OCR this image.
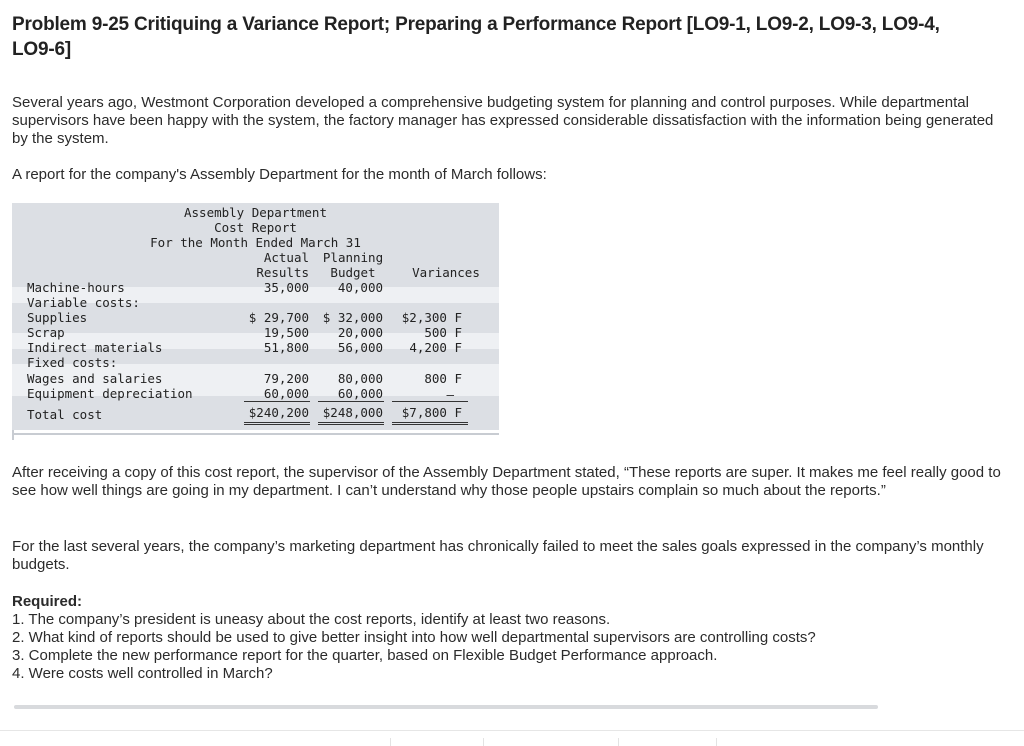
Problem 9-25 Critiquing a Variance Report; Preparing a Performance Report [LO9-1, LO9-2, LO9-3, LO9-4, LO9-6]
Several years ago, Westmont Corporation developed a comprehensive budgeting system for planning and control purposes. While departmental supervisors have been happy with the system, the factory manager has expressed considerable dissatisfaction with the information being generated by the system.
A report for the company's Assembly Department for the month of March follows:
Assembly Department
Cost Report
For the Month Ended March 31
Actual
Results
Planning
Budget	Variances
Machine-hours	35,000	40,000
Variable costs:
Supplies	$ 29,700	$ 32,000	$2,300 F
Scrap	19,500	20,000	500 F
Indirect materials	51,800	56,000	4,200 F
Fixed costs:
Wages and salaries	79,200	80,000	800 F
Equipment depreciation	60,000	60,000	–
Total cost	$240,200	$248,000	$7,800 F
After receiving a copy of this cost report, the supervisor of the Assembly Department stated, “These reports are super. It makes me feel really good to see how well things are going in my department. I can’t understand why those people upstairs complain so much about the reports.”
For the last several years, the company’s marketing department has chronically failed to meet the sales goals expressed in the company’s monthly budgets.
Required:
1. The company’s president is uneasy about the cost reports, identify at least two reasons.
2. What kind of reports should be used to give better insight into how well departmental supervisors are controlling costs?
3. Complete the new performance report for the quarter, based on Flexible Budget Performance approach.
4. Were costs well controlled in March?
